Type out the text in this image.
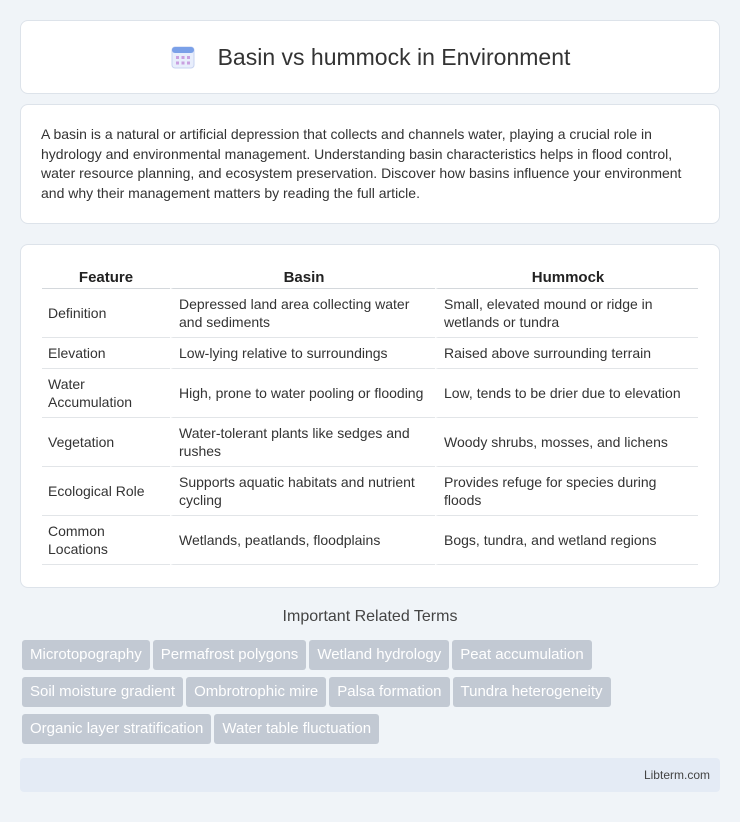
Basin vs hummock in Environment

A basin is a natural or artificial depression that collects and channels water, playing a crucial role in hydrology and environmental management. Understanding basin characteristics helps in flood control, water resource planning, and ecosystem preservation. Discover how basins influence your environment and why their management matters by reading the full article.

Feature	Basin	Hummock
Definition	Depressed land area collecting water and sediments	Small, elevated mound or ridge in wetlands or tundra
Elevation	Low-lying relative to surroundings	Raised above surrounding terrain
Water Accumulation	High, prone to water pooling or flooding	Low, tends to be drier due to elevation
Vegetation	Water-tolerant plants like sedges and rushes	Woody shrubs, mosses, and lichens
Ecological Role	Supports aquatic habitats and nutrient cycling	Provides refuge for species during floods
Common Locations	Wetlands, peatlands, floodplains	Bogs, tundra, and wetland regions
Important Related Terms
Microtopography Permafrost polygons Wetland hydrology Peat accumulation
Soil moisture gradient Ombrotrophic mire Palsa formation Tundra heterogeneity
Organic layer stratification Water table fluctuation
Libterm.com
